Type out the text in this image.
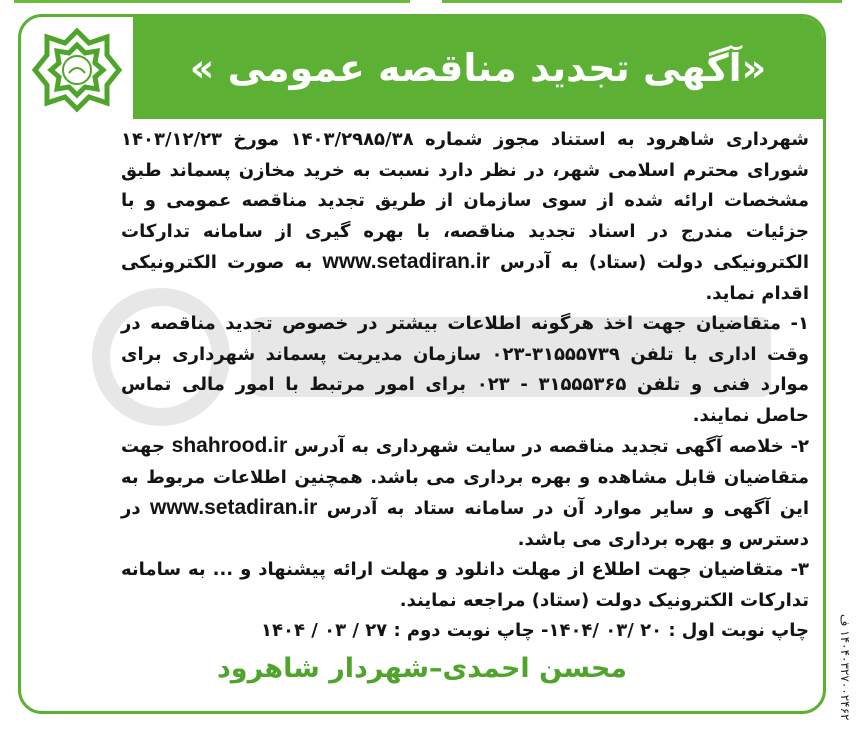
«آگهی تجدید مناقصه عمومی »

شهرداری شاهرود به استناد مجوز شماره ۱۴۰۳/۲۹۸۵/۳۸ مورخ ۱۴۰۳/۱۲/۲۳ شورای محترم اسلامی شهر، در نظر دارد نسبت به خرید مخازن پسماند طبق مشخصات ارائه شده از سوی سازمان از طریق تجدید مناقصه عمومی و با جزئیات مندرج در اسناد تجدید مناقصه، با بهره گیری از سامانه تدارکات الکترونیکی دولت (ستاد) به آدرس www.setadiran.ir به صورت الکترونیکی اقدام نماید.

۱- متقاضیان جهت اخذ هرگونه اطلاعات بیشتر در خصوص تجدید مناقصه در وقت اداری با تلفن ۳۱۵۵۵۷۳۹-۰۲۳ سازمان مدیریت پسماند شهرداری برای موارد فنی و تلفن ۳۱۵۵۵۳۶۵ - ۰۲۳ برای امور مرتبط با امور مالی تماس حاصل نمایند.

۲- خلاصه آگهی تجدید مناقصه در سایت شهرداری به آدرس shahrood.ir جهت متقاضیان قابل مشاهده و بهره برداری می باشد. همچنین اطلاعات مربوط به این آگهی و سایر موارد آن در سامانه ستاد به آدرس www.setadiran.ir در دسترس و بهره برداری می باشد.

۳- متقاضیان جهت اطلاع از مهلت دانلود و مهلت ارائه پیشنهاد و ... به سامانه تدارکات الکترونیک دولت (ستاد) مراجعه نمایند.

چاپ نوبت اول : ۲۰ /۰۳ /۱۴۰۴- چاپ نوبت دوم : ۲۷ / ۰۳ / ۱۴۰۴

محسن احمدی–شهردار شاهرود
۱۴۰۴۰۳۲۷۰۰۲۴۶۲ ف
